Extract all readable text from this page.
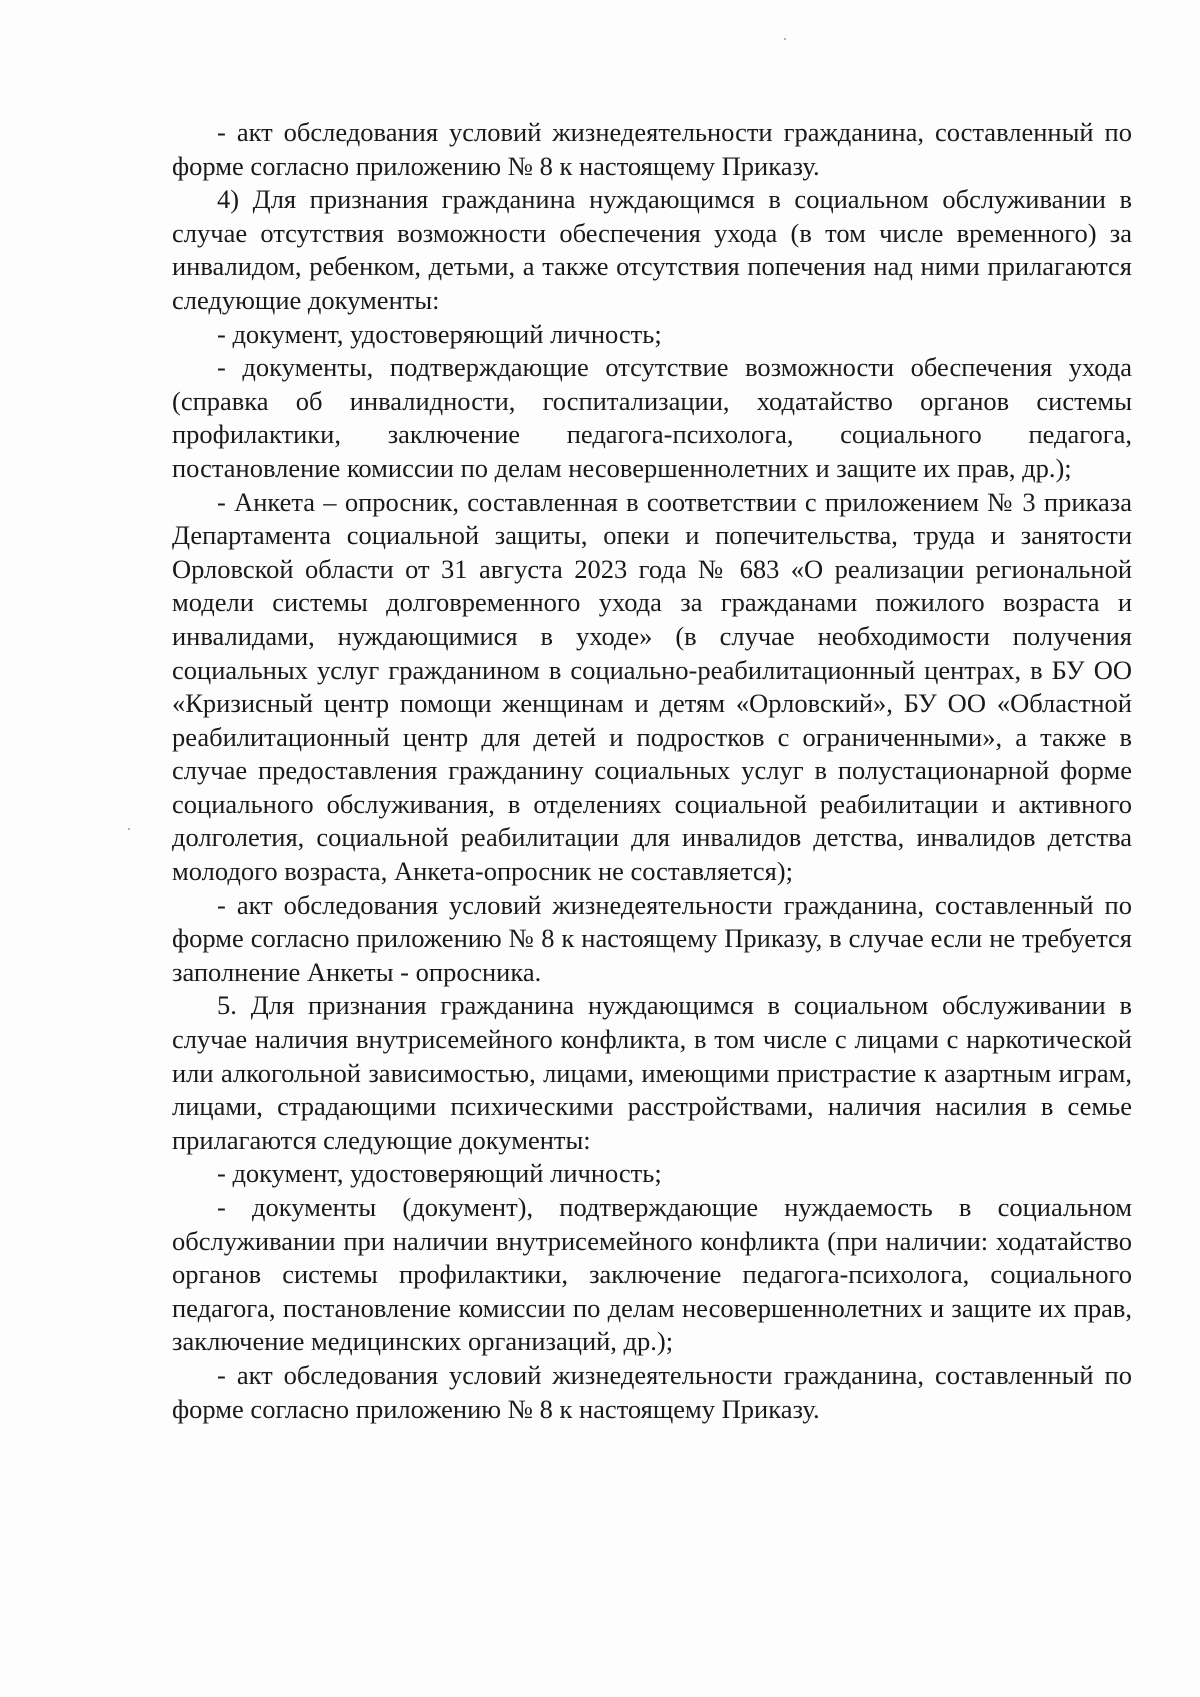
- акт обследования условий жизнедеятельности гражданина, составленный по форме согласно приложению № 8 к настоящему Приказу.

4) Для признания гражданина нуждающимся в социальном обслуживании в случае отсутствия возможности обеспечения ухода (в том числе временного) за инвалидом, ребенком, детьми, а также отсутствия попечения над ними прилагаются следующие документы:

- документ, удостоверяющий личность;

- документы, подтверждающие отсутствие возможности обеспечения ухода (справка об инвалидности, госпитализации, ходатайство органов системы профилактики, заключение педагога-психолога, социального педагога, постановление комиссии по делам несовершеннолетних и защите их прав, др.);

- Анкета – опросник, составленная в соответствии с приложением № 3 приказа Департамента социальной защиты, опеки и попечительства, труда и занятости Орловской области от 31 августа 2023 года № 683 «О реализации региональной модели системы долговременного ухода за гражданами пожилого возраста и инвалидами, нуждающимися в уходе» (в случае необходимости получения социальных услуг гражданином в социально-реабилитационный центрах, в БУ ОО «Кризисный центр помощи женщинам и детям «Орловский», БУ ОО «Областной реабилитационный центр для детей и подростков с ограниченными», а также в случае предоставления гражданину социальных услуг в полустационарной форме социального обслуживания, в отделениях социальной реабилитации и активного долголетия, социальной реабилитации для инвалидов детства, инвалидов детства молодого возраста, Анкета-опросник не составляется);

- акт обследования условий жизнедеятельности гражданина, составленный по форме согласно приложению № 8 к настоящему Приказу, в случае если не требуется заполнение Анкеты - опросника.

5. Для признания гражданина нуждающимся в социальном обслуживании в случае наличия внутрисемейного конфликта, в том числе с лицами с наркотической или алкогольной зависимостью, лицами, имеющими пристрастие к азартным играм, лицами, страдающими психическими расстройствами, наличия насилия в семье прилагаются следующие документы:

- документ, удостоверяющий личность;

- документы (документ), подтверждающие нуждаемость в социальном обслуживании при наличии внутрисемейного конфликта (при наличии: ходатайство органов системы профилактики, заключение педагога-психолога, социального педагога, постановление комиссии по делам несовершеннолетних и защите их прав, заключение медицинских организаций, др.);

- акт обследования условий жизнедеятельности гражданина, составленный по форме согласно приложению № 8 к настоящему Приказу.
